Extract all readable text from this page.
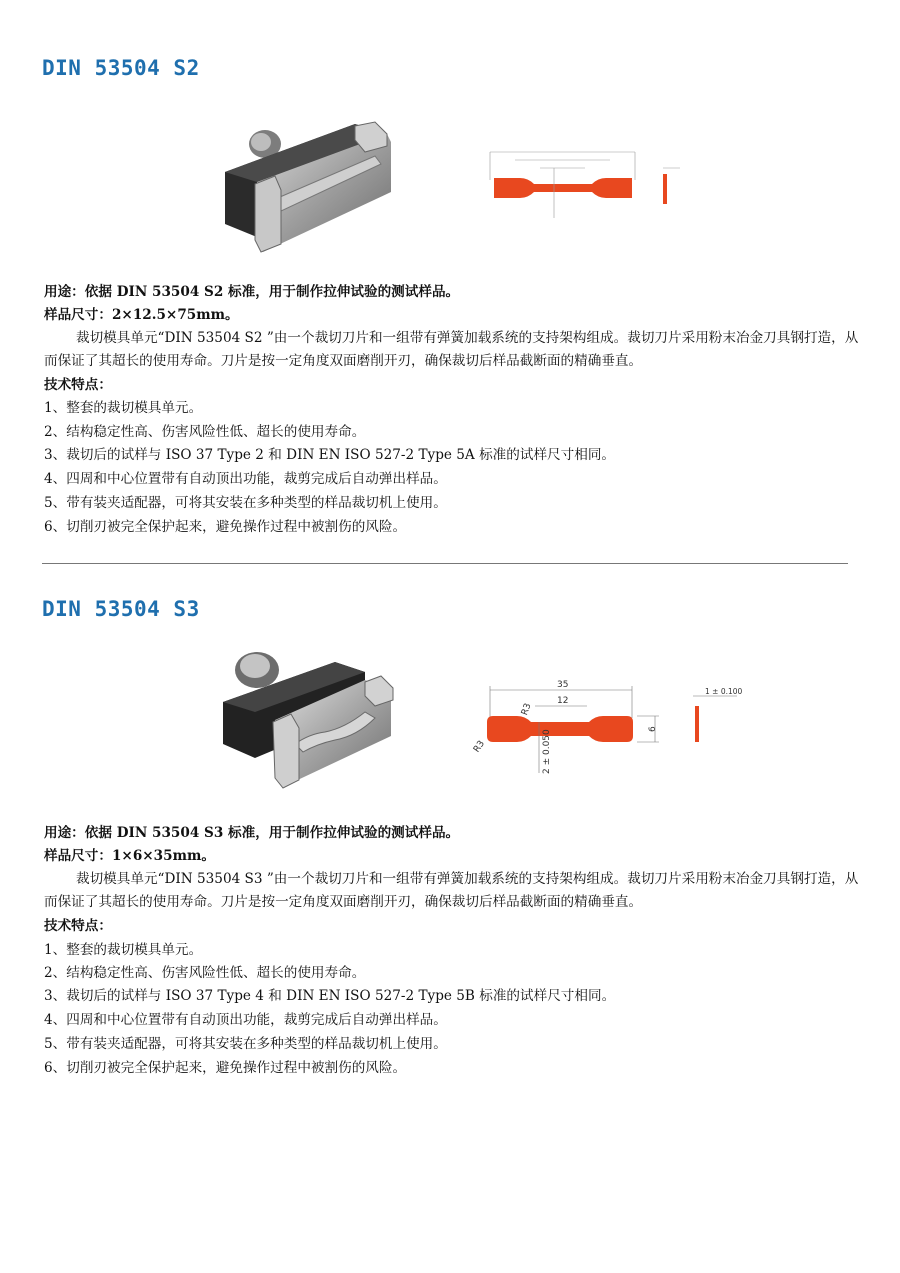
DIN 53504 S2

用途：依据 DIN 53504 S2 标准，用于制作拉伸试验的测试样品。

样品尺寸：2×12.5×75mm。

裁切模具单元“DIN 53504 S2 ”由一个裁切刀片和一组带有弹簧加载系统的支持架构组成。裁切刀片采用粉末冶金刀具钢打造，从而保证了其超长的使用寿命。刀片是按一定角度双面磨削开刃，确保裁切后样品截断面的精确垂直。

技术特点：

1、整套的裁切模具单元。

2、结构稳定性高、伤害风险性低、超长的使用寿命。

3、裁切后的试样与 ISO 37 Type 2 和 DIN EN ISO 527-2 Type 5A 标准的试样尺寸相同。

4、四周和中心位置带有自动顶出功能，裁剪完成后自动弹出样品。

5、带有装夹适配器，可将其安装在多种类型的样品裁切机上使用。

6、切削刃被完全保护起来，避免操作过程中被割伤的风险。

DIN 53504 S3
35
12
R3
R3
6
2 ± 0.050
1 ± 0.100

用途：依据 DIN 53504 S3 标准，用于制作拉伸试验的测试样品。

样品尺寸：1×6×35mm。

裁切模具单元“DIN 53504 S3 ”由一个裁切刀片和一组带有弹簧加载系统的支持架构组成。裁切刀片采用粉末冶金刀具钢打造，从而保证了其超长的使用寿命。刀片是按一定角度双面磨削开刃，确保裁切后样品截断面的精确垂直。

技术特点：

1、整套的裁切模具单元。

2、结构稳定性高、伤害风险性低、超长的使用寿命。

3、裁切后的试样与 ISO 37 Type 4 和 DIN EN ISO 527-2 Type 5B 标准的试样尺寸相同。

4、四周和中心位置带有自动顶出功能，裁剪完成后自动弹出样品。

5、带有装夹适配器，可将其安装在多种类型的样品裁切机上使用。

6、切削刃被完全保护起来，避免操作过程中被割伤的风险。
